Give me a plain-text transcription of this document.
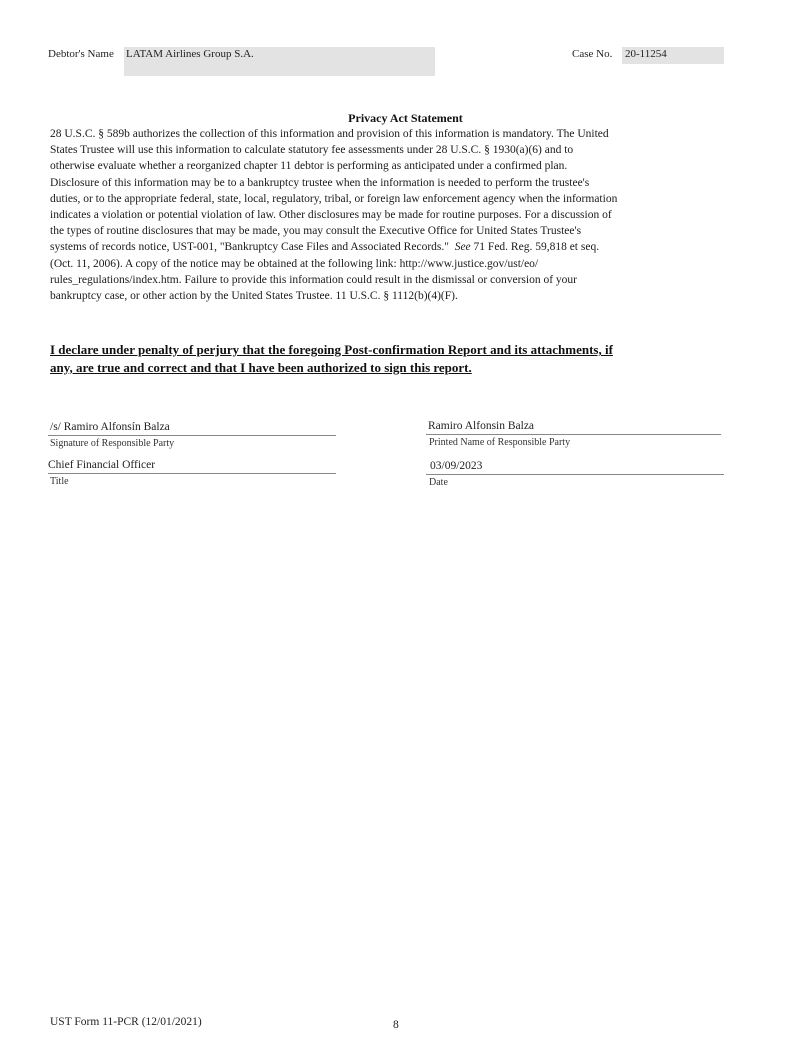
Debtor's Name LATAM Airlines Group S.A.	Case No. 20-11254
Privacy Act Statement
28 U.S.C. § 589b authorizes the collection of this information and provision of this information is mandatory. The United
States Trustee will use this information to calculate statutory fee assessments under 28 U.S.C. § 1930(a)(6) and to
otherwise evaluate whether a reorganized chapter 11 debtor is performing as anticipated under a confirmed plan.
Disclosure of this information may be to a bankruptcy trustee when the information is needed to perform the trustee's
duties, or to the appropriate federal, state, local, regulatory, tribal, or foreign law enforcement agency when the information
indicates a violation or potential violation of law. Other disclosures may be made for routine purposes. For a discussion of
the types of routine disclosures that may be made, you may consult the Executive Office for United States Trustee's
systems of records notice, UST-001, "Bankruptcy Case Files and Associated Records."  See 71 Fed. Reg. 59,818 et seq.
(Oct. 11, 2006). A copy of the notice may be obtained at the following link: http://www.justice.gov/ust/eo/
rules_regulations/index.htm. Failure to provide this information could result in the dismissal or conversion of your
bankruptcy case, or other action by the United States Trustee. 11 U.S.C. § 1112(b)(4)(F).
I declare under penalty of perjury that the foregoing Post-confirmation Report and its attachments, if
any, are true and correct and that I have been authorized to sign this report.
/s/ Ramiro Alfonsín Balza
Signature of Responsible Party
Chief Financial Officer
Title
Ramiro Alfonsin Balza
Printed Name of Responsible Party
03/09/2023
Date
UST Form 11-PCR (12/01/2021)	8
